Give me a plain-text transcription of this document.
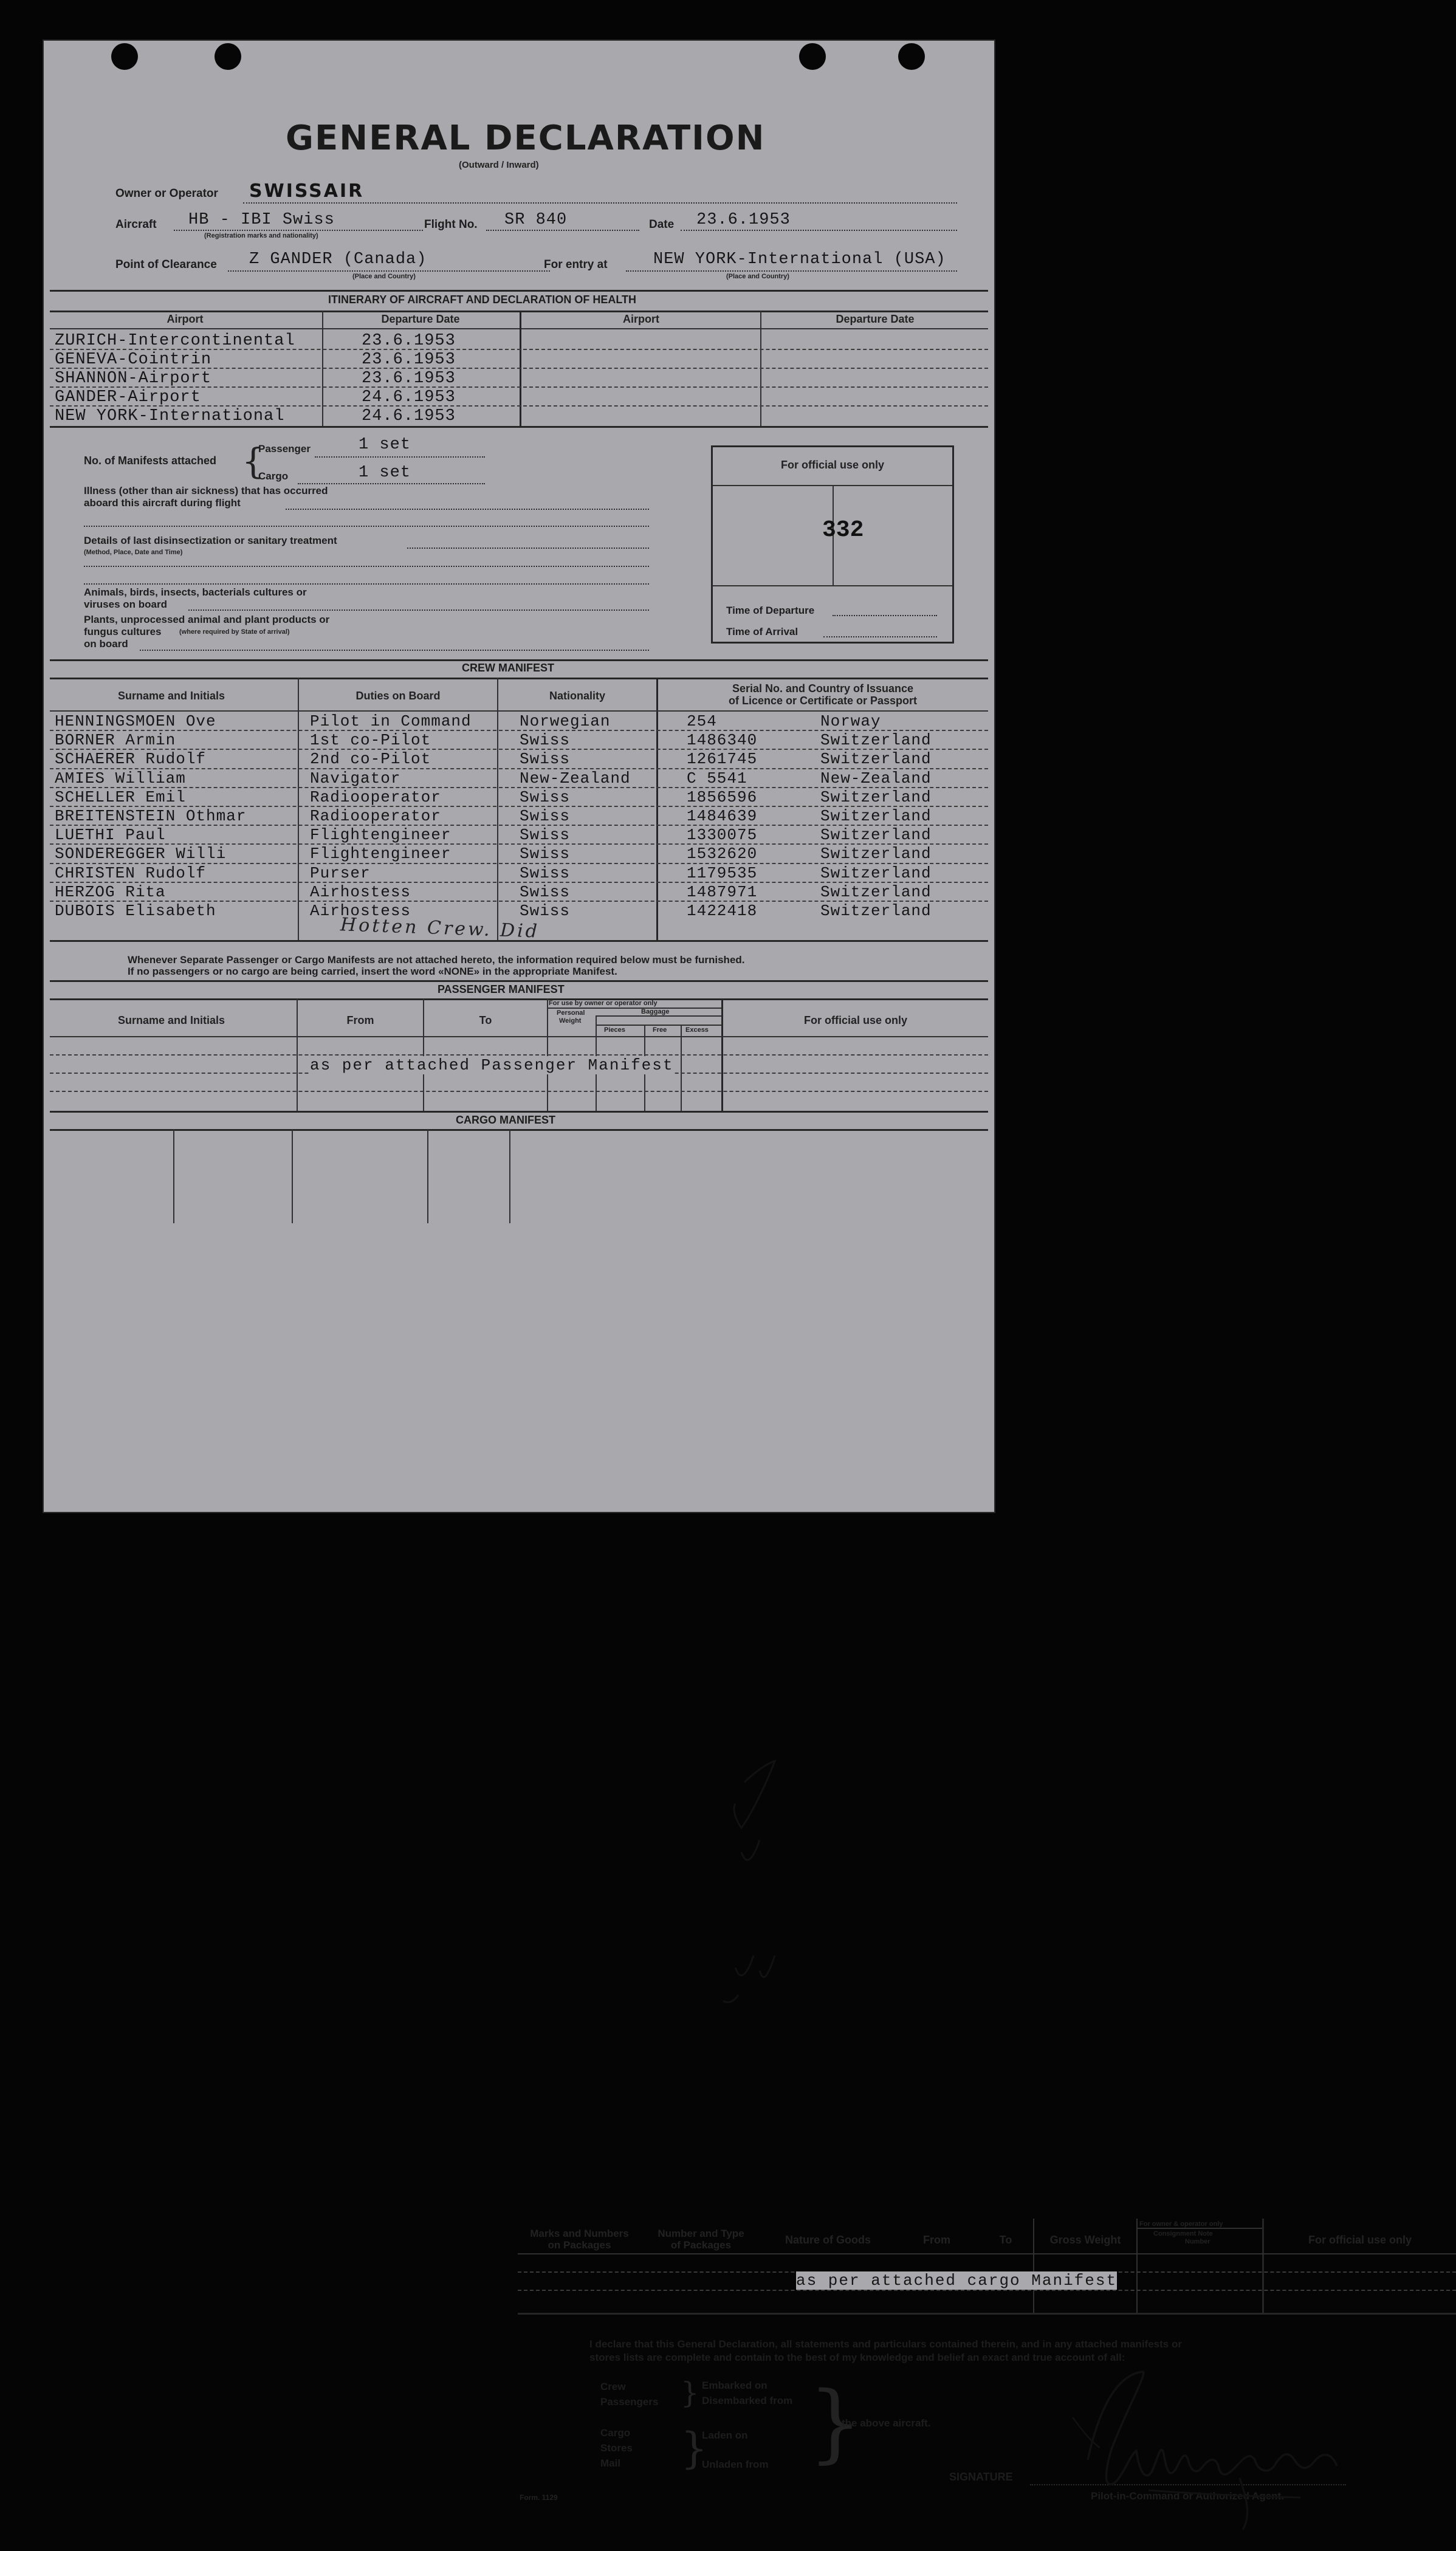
GENERAL DECLARATION
(Outward / Inward)
Owner or Operator SWISSAIR
Aircraft HB - IBI Swiss
(Registration marks and nationality)
Flight No. SR 840	Date 23.6.1953
Point of Clearance Z GANDER (Canada)
(Place and Country)
For entry at	NEW YORK-International (USA)
(Place and Country)
ITINERARY OF AIRCRAFT AND DECLARATION OF HEALTH
Airport	Departure Date	Airport	Departure Date
ZURICH-Intercontinental	23.6.1953
GENEVA-Cointrin	23.6.1953
SHANNON-Airport	23.6.1953
GANDER-Airport	24.6.1953
NEW YORK-International	24.6.1953
No. of Manifests attached {
Passenger	1 set
Cargo	1 set
Illness (other than air sickness) that has occurred
aboard this aircraft during flight
Details of last disinsectization or sanitary treatment
(Method, Place, Date and Time)
Animals, birds, insects, bacterials cultures or
viruses on board
Plants, unprocessed animal and plant products or
fungus cultures	(where required by State of arrival)
on board
For official use only
332
Time of Departure
Time of Arrival
CREW MANIFEST
Surname and Initials	Duties on Board	Nationality
Serial No. and Country of Issuance
of Licence or Certificate or Passport
HENNINGSMOEN Ove	Pilot in Command	Norwegian	254	Norway
BORNER Armin	1st co-Pilot	Swiss	1486340	Switzerland
SCHAERER Rudolf	2nd co-Pilot	Swiss	1261745	Switzerland
AMIES William	Navigator	New-Zealand	C 5541	New-Zealand
SCHELLER Emil	Radiooperator	Swiss	1856596	Switzerland
BREITENSTEIN Othmar	Radiooperator	Swiss	1484639	Switzerland
LUETHI Paul	Flightengineer	Swiss	1330075	Switzerland
SONDEREGGER Willi	Flightengineer	Swiss	1532620	Switzerland
CHRISTEN Rudolf	Purser	Swiss	1179535	Switzerland
HERZOG Rita	Airhostess	Swiss	1487971	Switzerland
DUBOIS Elisabeth	Airhostess	Swiss	1422418	Switzerland
Hotten Crew. Did
Whenever Separate Passenger or Cargo Manifests are not attached hereto, the information required below must be furnished.
If no passengers or no cargo are being carried, insert the word «NONE» in the appropriate Manifest.
PASSENGER MANIFEST
For use by owner or operator only
Personal
Weight
Baggage
Pieces	Free	Excess
Surname and Initials	From	To	For official use only
as per attached Passenger Manifest
CARGO MANIFEST
Marks and Numbers
on Packages
Number and Type
of Packages	Nature of Goods	From	To	Gross Weight
For owner & operator only
Consignment Note
Number	For official use only
as per attached cargo Manifest
I declare that this General Declaration, all statements and particulars contained therein, and in any attached manifests or
stores lists are complete and contain to the best of my knowledge and belief an exact and true account of all:
Crew
Passengers } Embarked on
Disembarked from }
the above aircraft.
Cargo
Stores
Mail }
Laden on
Unladen from
SIGNATURE
Pilot-in-Command or Authorized Agent.
Form. 1129
